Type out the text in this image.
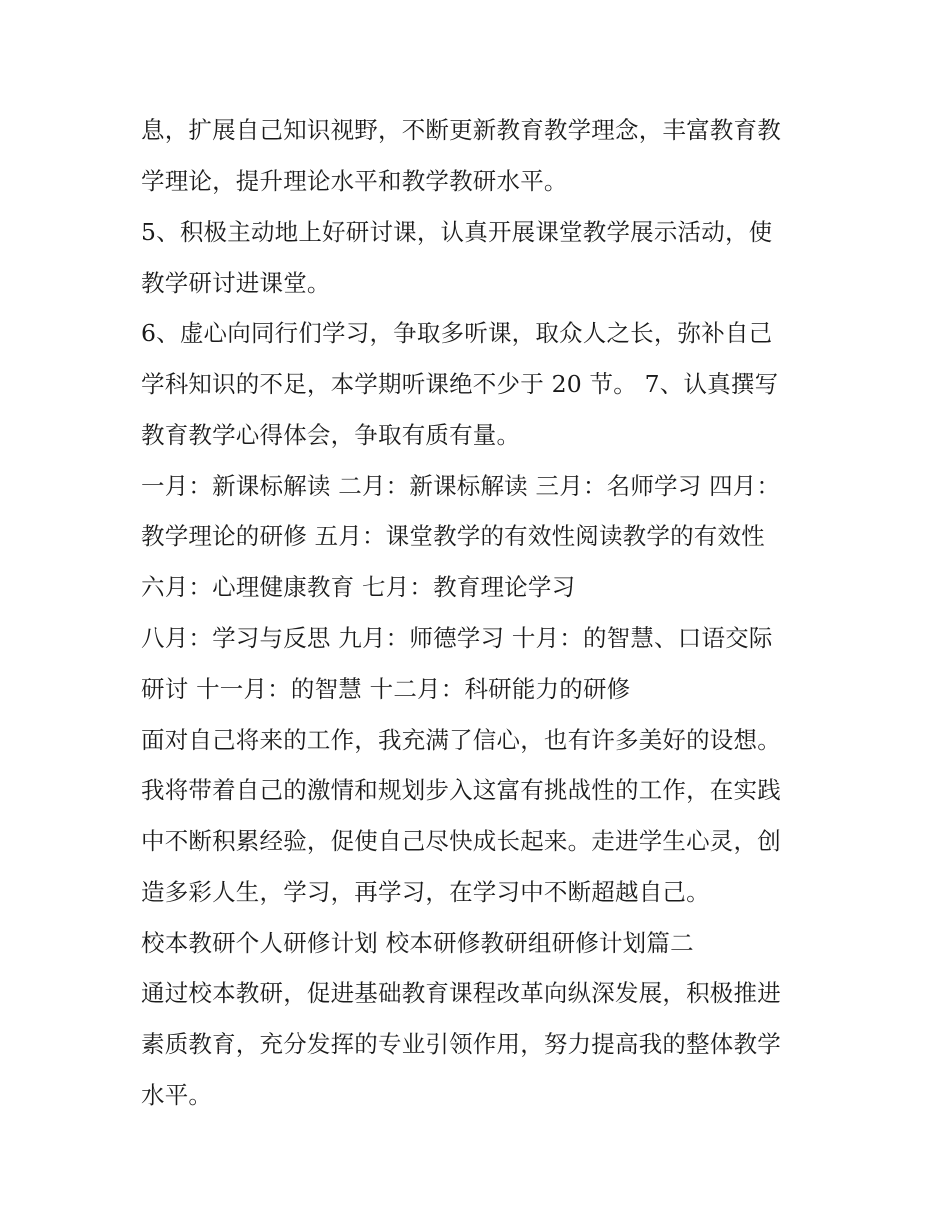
息，扩展自己知识视野，不断更新教育教学理念，丰富教育教

学理论，提升理论水平和教学教研水平。

5、积极主动地上好研讨课，认真开展课堂教学展示活动，使

教学研讨进课堂。

6、虚心向同行们学习，争取多听课，取众人之长，弥补自己

学科知识的不足，本学期听课绝不少于 20 节。 7、认真撰写

教育教学心得体会，争取有质有量。

一月：新课标解读 二月：新课标解读 三月：名师学习 四月：

教学理论的研修 五月：课堂教学的有效性阅读教学的有效性

六月：心理健康教育 七月：教育理论学习

八月：学习与反思 九月：师德学习 十月：的智慧、口语交际

研讨 十一月：的智慧 十二月：科研能力的研修

面对自己将来的工作，我充满了信心，也有许多美好的设想。

我将带着自己的激情和规划步入这富有挑战性的工作，在实践

中不断积累经验，促使自己尽快成长起来。走进学生心灵，创

造多彩人生，学习，再学习，在学习中不断超越自己。

校本教研个人研修计划 校本研修教研组研修计划篇二

通过校本教研，促进基础教育课程改革向纵深发展，积极推进

素质教育，充分发挥的专业引领作用，努力提高我的整体教学

水平。
